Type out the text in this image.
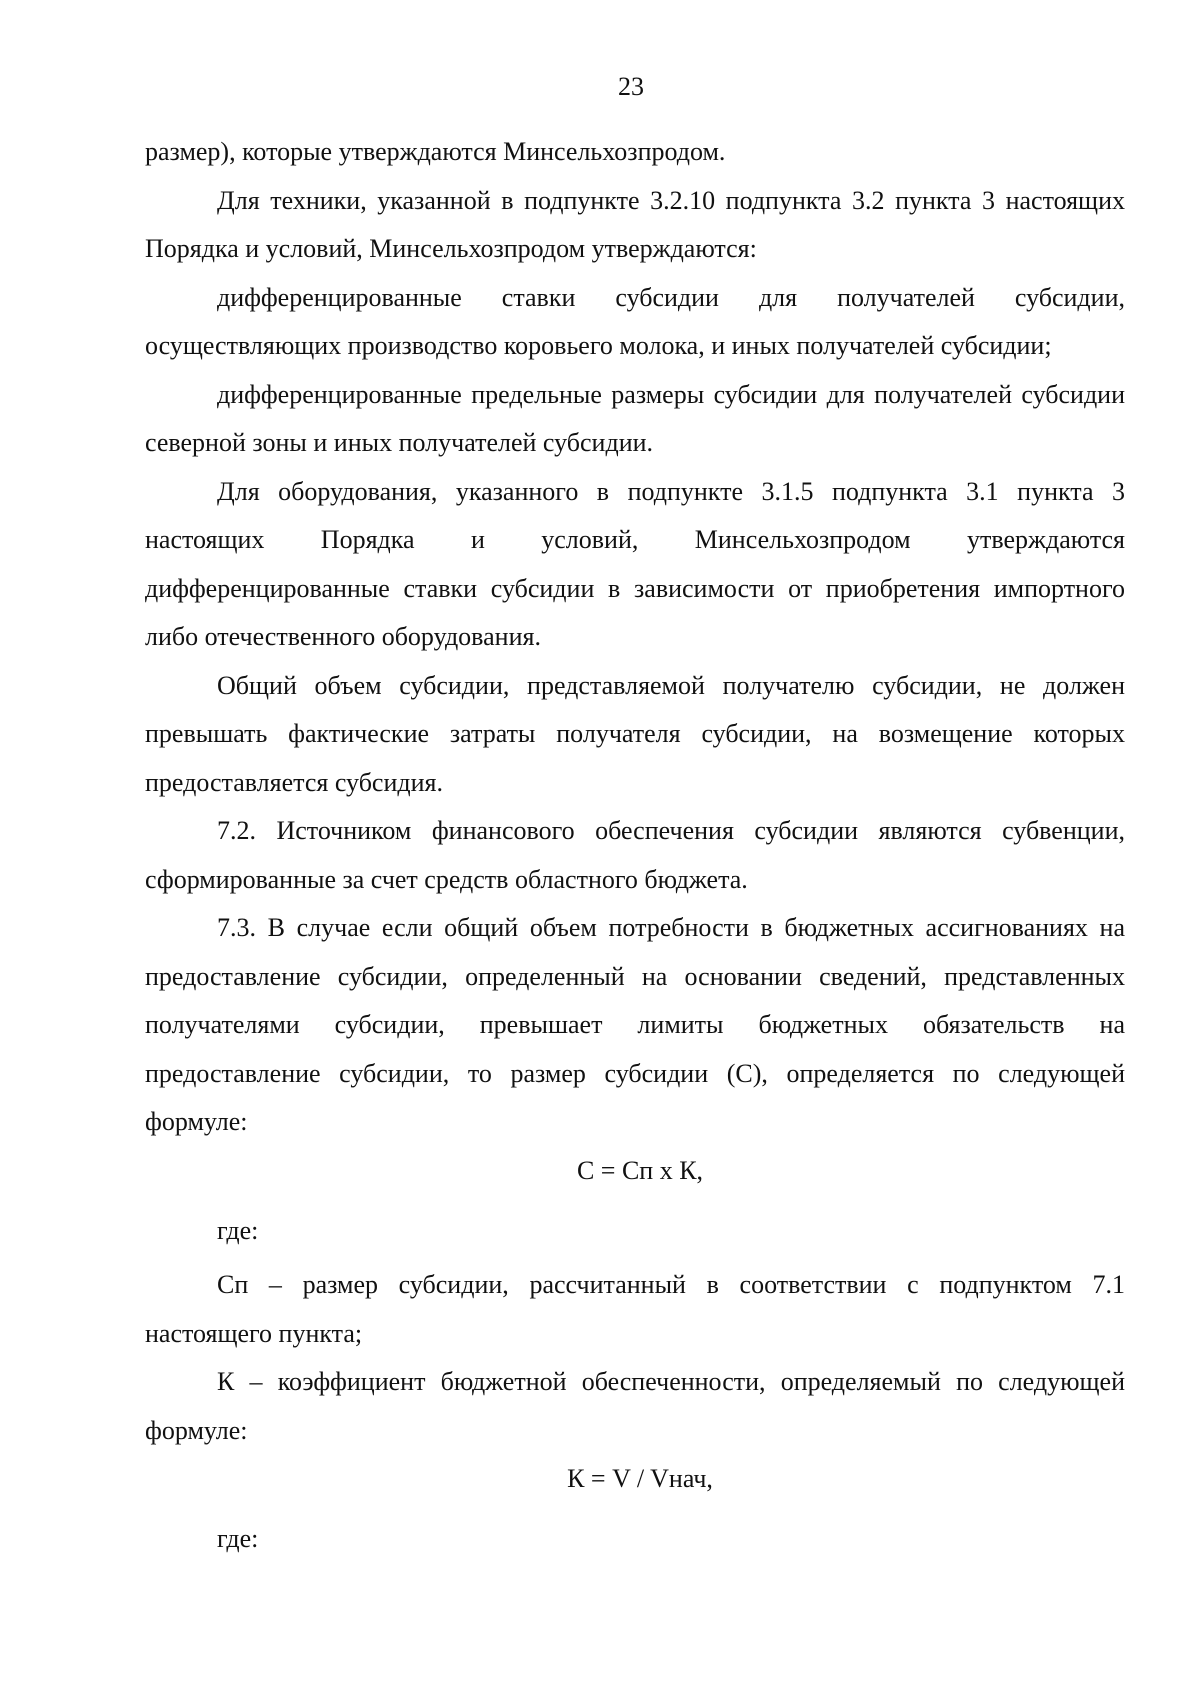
23

размер), которые утверждаются Минсельхозпродом.

Для техники, указанной в подпункте 3.2.10 подпункта 3.2 пункта 3 настоящих Порядка и условий, Минсельхозпродом утверждаются:

дифференцированные ставки субсидии для получателей субсидии, осуществляющих производство коровьего молока, и иных получателей субсидии;

дифференцированные предельные размеры субсидии для получателей субсидии северной зоны и иных получателей субсидии.

Для оборудования, указанного в подпункте 3.1.5 подпункта 3.1 пункта 3 настоящих Порядка и условий, Минсельхозпродом утверждаются дифференцированные ставки субсидии в зависимости от приобретения импортного либо отечественного оборудования.

Общий объем субсидии, представляемой получателю субсидии, не должен превышать фактические затраты получателя субсидии, на возмещение которых предоставляется субсидия.

7.2. Источником финансового обеспечения субсидии являются субвенции, сформированные за счет средств областного бюджета.

7.3. В случае если общий объем потребности в бюджетных ассигнованиях на предоставление субсидии, определенный на основании сведений, представленных получателями субсидии, превышает лимиты бюджетных обязательств на предоставление субсидии, то размер субсидии (С), определяется по следующей формуле:

С = Сп х К,

где:

Сп – размер субсидии, рассчитанный в соответствии с подпунктом 7.1 настоящего пункта;

К – коэффициент бюджетной обеспеченности, определяемый по следующей формуле:

К = V / Vнач,

где:
